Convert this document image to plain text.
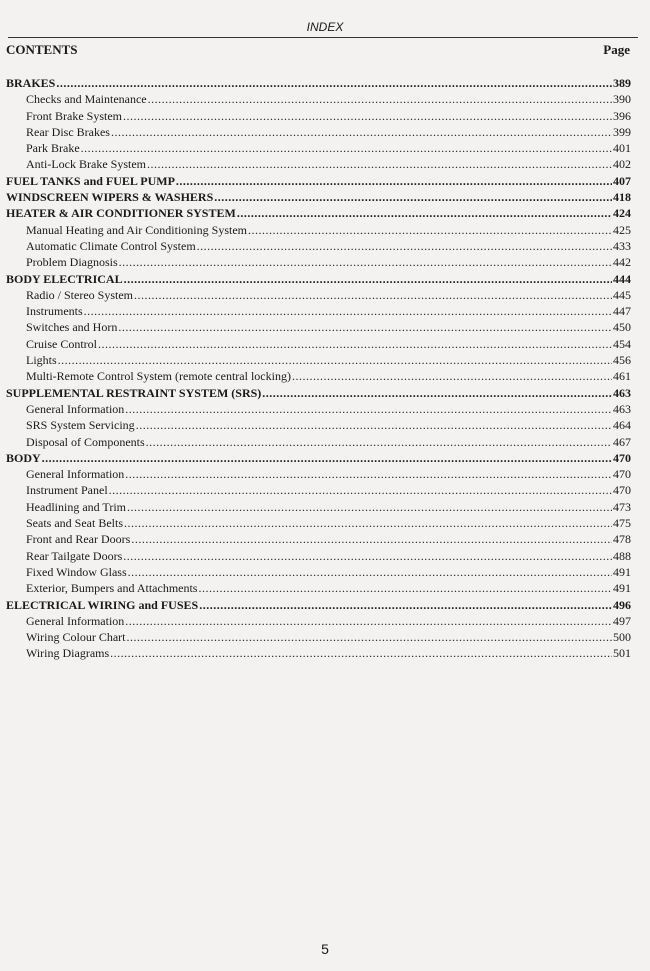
INDEX
CONTENTS	Page
BRAKES .....	389
Checks and Maintenance .....	390
Front Brake System .....	396
Rear Disc Brakes .....	399
Park Brake .....	401
Anti-Lock Brake System .....	402
FUEL TANKS and FUEL PUMP .....	407
WINDSCREEN WIPERS & WASHERS .....	418
HEATER & AIR CONDITIONER SYSTEM .....	424
Manual Heating and Air Conditioning System .....	425
Automatic Climate Control System .....	433
Problem Diagnosis .....	442
BODY ELECTRICAL .....	444
Radio / Stereo System .....	445
Instruments .....	447
Switches and Horn .....	450
Cruise Control .....	454
Lights .....	456
Multi-Remote Control System (remote central locking) .....	461
SUPPLEMENTAL RESTRAINT SYSTEM (SRS) .....	463
General Information .....	463
SRS System Servicing .....	464
Disposal of Components .....	467
BODY .....	470
General Information .....	470
Instrument Panel .....	470
Headlining and Trim .....	473
Seats and Seat Belts .....	475
Front and Rear Doors .....	478
Rear Tailgate Doors .....	488
Fixed Window Glass .....	491
Exterior, Bumpers and Attachments .....	491
ELECTRICAL WIRING and FUSES .....	496
General Information .....	497
Wiring Colour Chart .....	500
Wiring Diagrams .....	501
5
